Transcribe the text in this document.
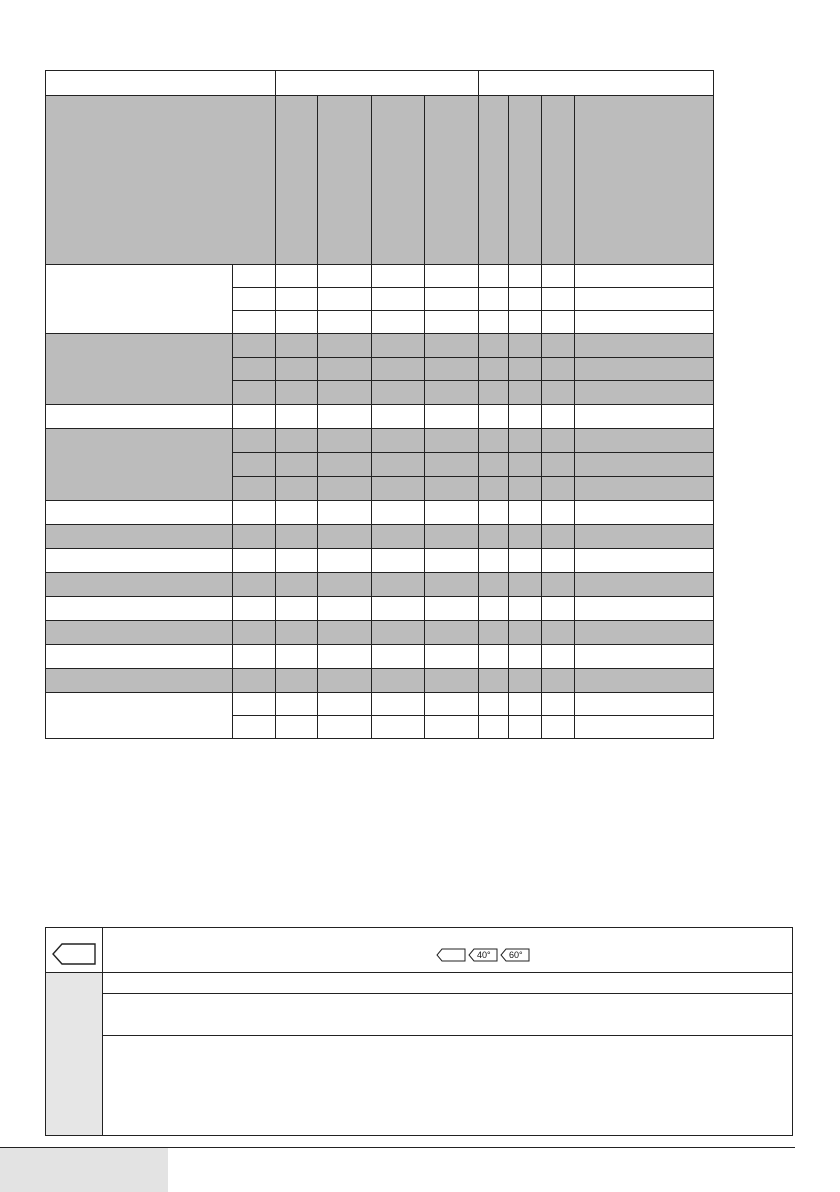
40° 60°
